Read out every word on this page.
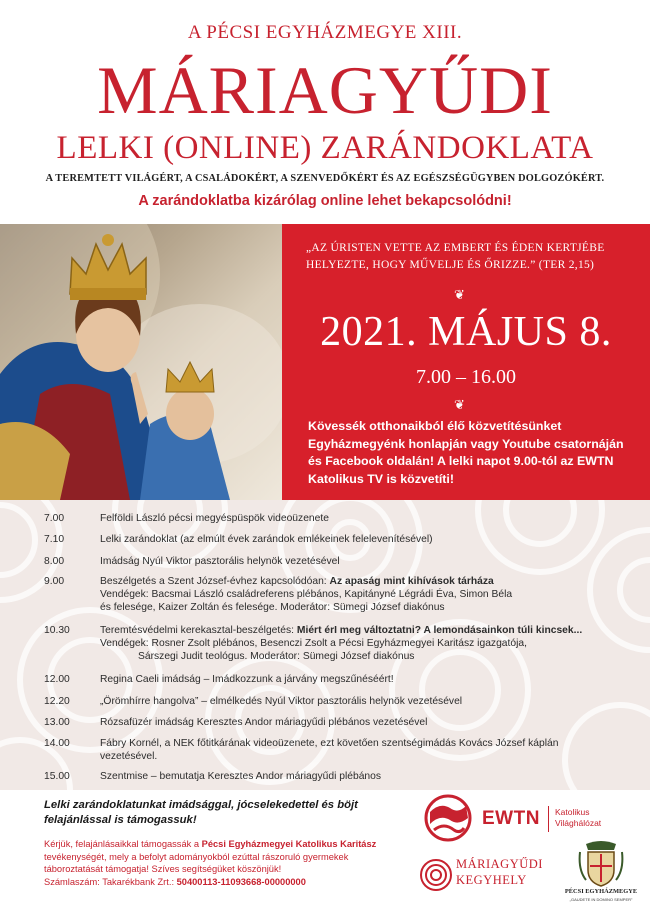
A PÉCSI EGYHÁZMEGYE XIII.
MÁRIAGYŰDI
LELKI (ONLINE) ZARÁNDOKLATA
A TEREMTETT VILÁGÉRT, A CSALÁDOKÉRT, A SZENVEDŐKÉRT ÉS AZ EGÉSZSÉGÜGYBEN DOLGOZÓKÉRT.
A zarándoklatba kizárólag online lehet bekapcsolódni!
„AZ ÚRISTEN VETTE AZ EMBERT ÉS ÉDEN KERTJÉBE HELYEZTE, HOGY MŰVELJE ÉS ŐRIZZE.” (TER 2,15)
❦
2021. MÁJUS 8.
7.00 – 16.00
❦
Kövessék otthonaikból élő közvetítésünket Egyházmegyénk honlapján vagy Youtube csatornáján és Facebook oldalán! A lelki napot 9.00-tól az EWTN Katolikus TV is közvetíti!
7.00	Felföldi László pécsi megyéspüspök videoüzenete
7.10	Lelki zarándoklat (az elmúlt évek zarándok emlékeinek felelevenítésével)
8.00	Imádság Nyúl Viktor pasztorális helynök vezetésével
9.00	Beszélgetés a Szent József-évhez kapcsolódóan: Az apaság mint kihívások tárháza
Vendégek: Bacsmai László családreferens plébános, Kapitányné Légrádi Éva, Simon Béla
és felesége, Kaizer Zoltán és felesége. Moderátor: Sümegi József diakónus
10.30	Teremtésvédelmi kerekasztal-beszélgetés: Miért érI meg változtatni? A lemondásainkon túli kincsek...
Vendégek: Rosner Zsolt plébános, Besenczi Zsolt a Pécsi Egyházmegyei Karitász igazgatója,
Sárszegi Judit teológus. Moderátor: Sümegi József diakónus
12.00	Regina Caeli imádság – Imádkozzunk a járvány megszűnéséért!
12.20	„Örömhírre hangolva” – elmélkedés Nyúl Viktor pasztorális helynök vezetésével
13.00	Rózsafüzér imádság Keresztes Andor máriagyűdi plébános vezetésével
14.00	Fábry Kornél, a NEK főtitkárának videoüzenete, ezt követően szentségimádás Kovács József káplán
vezetésével.
15.00	Szentmise – bemutatja Keresztes Andor máriagyűdi plébános
Lelki zarándoklatunkat imádsággal, jócselekedettel és böjt felajánlással is támogassuk!
Kérjük, felajánlásaikkal támogassák a Pécsi Egyházmegyei Katolikus Karitász tevékenységét, mely a befolyt adományokból ezúttal rászoruló gyermekek táboroztatását támogatja! Szíves segítségüket köszönjük!
Számlaszám: Takarékbank Zrt.: 50400113-11093668-00000000
EWTN Katolikus
Világhálózat
MÁRIAGYŰDI
KEGYHELY
PÉCSI EGYHÁZMEGYE
„GAUDETE IN DOMINO SEMPER”
